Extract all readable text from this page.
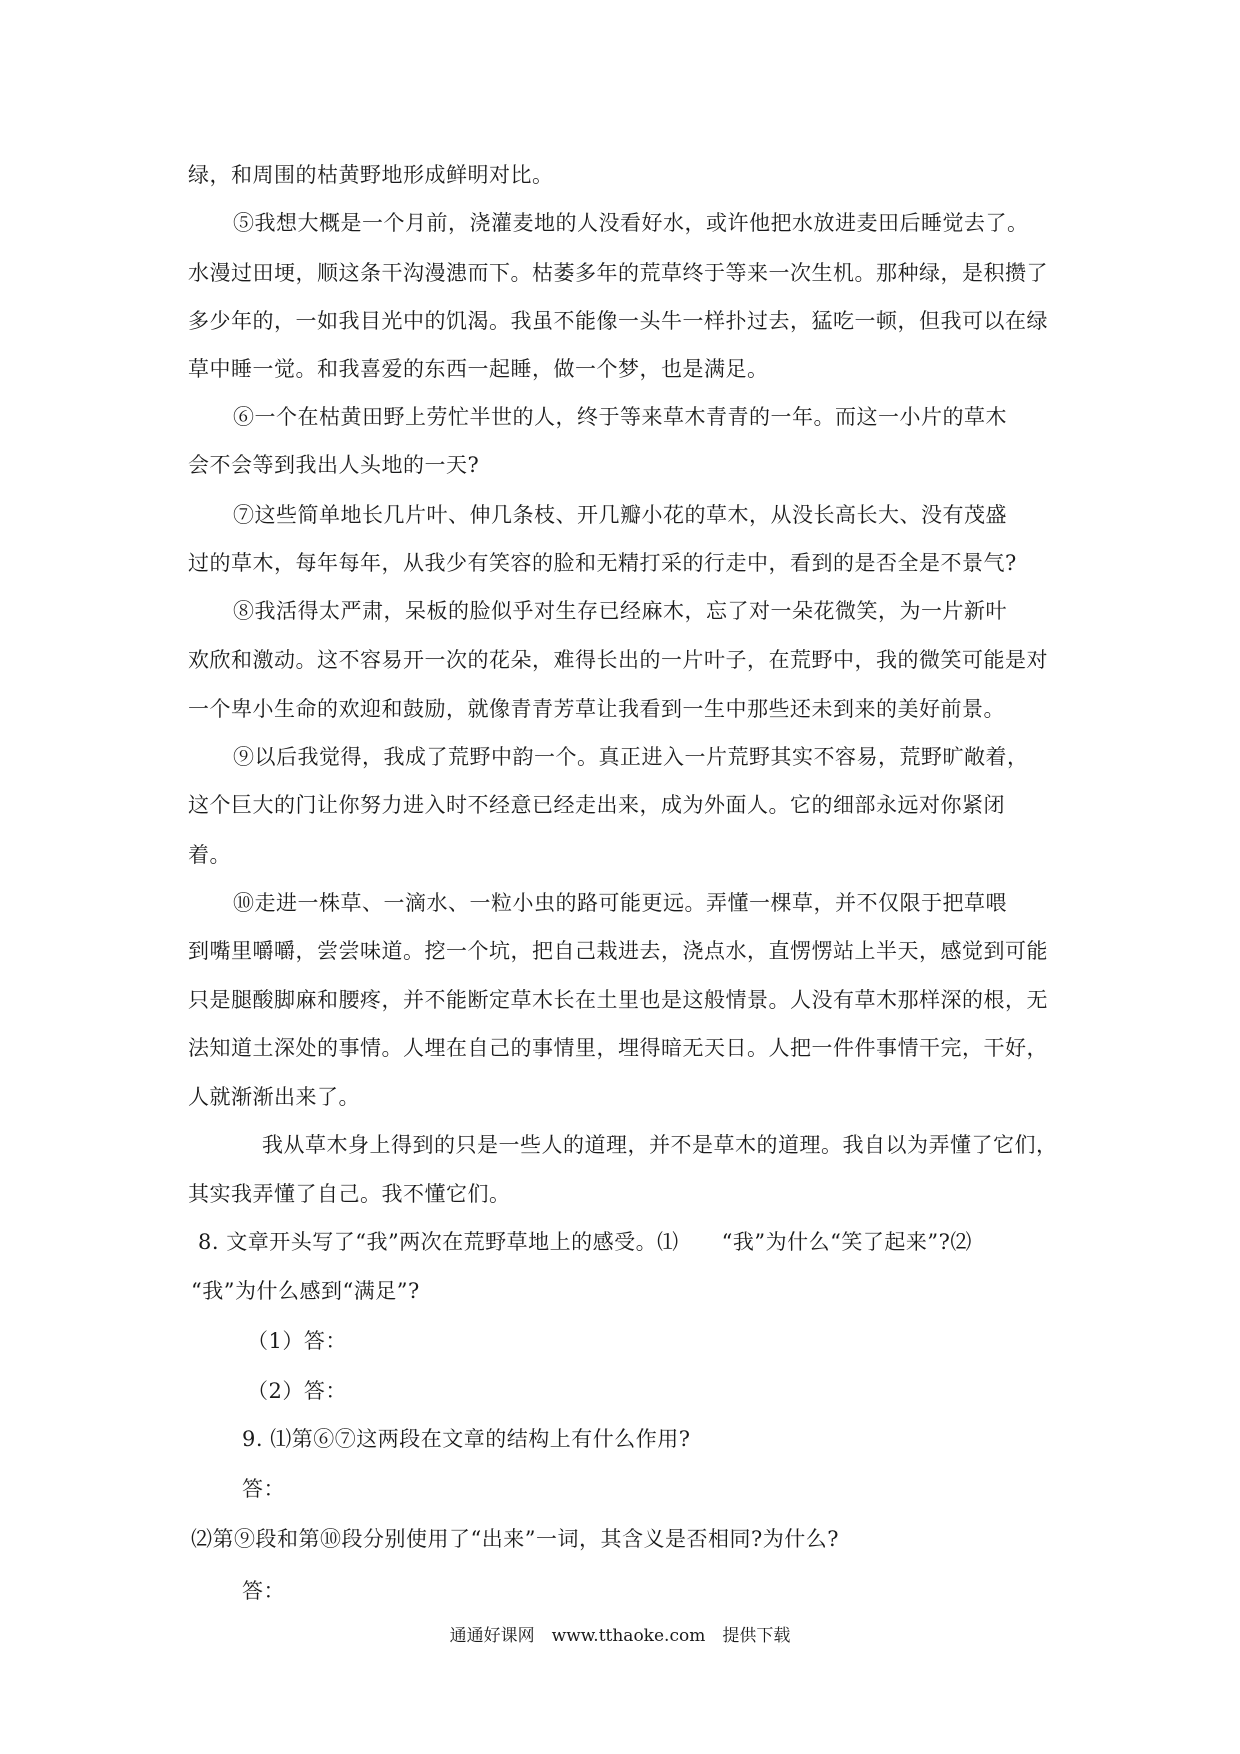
绿，和周围的枯黄野地形成鲜明对比。
⑤我想大概是一个月前，浇灌麦地的人没看好水，或许他把水放进麦田后睡觉去了。
水漫过田埂，顺这条干沟漫漶而下。枯萎多年的荒草终于等来一次生机。那种绿，是积攒了
多少年的，一如我目光中的饥渴。我虽不能像一头牛一样扑过去，猛吃一顿，但我可以在绿
草中睡一觉。和我喜爱的东西一起睡，做一个梦，也是满足。
⑥一个在枯黄田野上劳忙半世的人，终于等来草木青青的一年。而这一小片的草木
会不会等到我出人头地的一天?
⑦这些简单地长几片叶、伸几条枝、开几瓣小花的草木，从没长高长大、没有茂盛
过的草木，每年每年，从我少有笑容的脸和无精打采的行走中，看到的是否全是不景气?
⑧我活得太严肃，呆板的脸似乎对生存已经麻木，忘了对一朵花微笑，为一片新叶
欢欣和激动。这不容易开一次的花朵，难得长出的一片叶子，在荒野中，我的微笑可能是对
一个卑小生命的欢迎和鼓励，就像青青芳草让我看到一生中那些还未到来的美好前景。
⑨以后我觉得，我成了荒野中韵一个。真正进入一片荒野其实不容易，荒野旷敞着，
这个巨大的门让你努力进入时不经意已经走出来，成为外面人。它的细部永远对你紧闭
着。
⑩走进一株草、一滴水、一粒小虫的路可能更远。弄懂一棵草，并不仅限于把草喂
到嘴里嚼嚼，尝尝味道。挖一个坑，把自己栽进去，浇点水，直愣愣站上半天，感觉到可能
只是腿酸脚麻和腰疼，并不能断定草木长在土里也是这般情景。人没有草木那样深的根，无
法知道土深处的事情。人埋在自己的事情里，埋得暗无天日。人把一件件事情干完，干好，
人就渐渐出来了。
我从草木身上得到的只是一些人的道理，并不是草木的道理。我自以为弄懂了它们，
其实我弄懂了自己。我不懂它们。
8. 文章开头写了“我”两次在荒野草地上的感受。⑴　　“我”为什么“笑了起来”?⑵
“我”为什么感到“满足”?
（1）答：
（2）答：
9. ⑴第⑥⑦这两段在文章的结构上有什么作用?
答：
⑵第⑨段和第⑩段分别使用了“出来”一词，其含义是否相同?为什么?
答：
通通好课网　www.tthaoke.com　提供下载
